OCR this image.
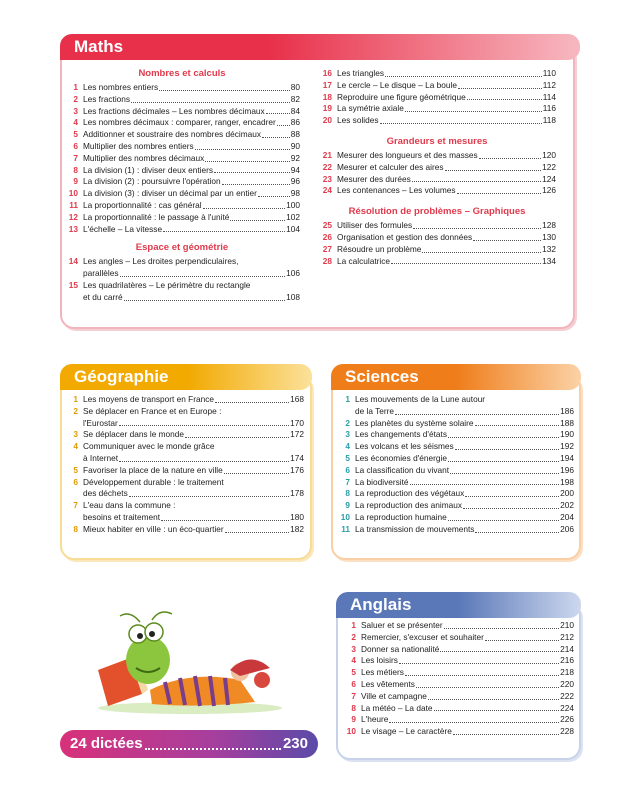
Maths
Nombres et calculs
1 Les nombres entiers	80
2 Les fractions	82
3 Les fractions décimales – Les nombres décimaux	84
4 Les nombres décimaux : comparer, ranger, encadrer 86
5 Additionner et soustraire des nombres décimaux	88
6 Multiplier des nombres entiers	90
7 Multiplier des nombres décimaux	92
8 La division (1) : diviser deux entiers	94
9 La division (2) : poursuivre l'opération	96
10 La division (3) : diviser un décimal par un entier	98
11 La proportionnalité : cas général	100
12 La proportionnalité : le passage à l'unité	102
13 L'échelle – La vitesse	104
Espace et géométrie
14 Les angles – Les droites perpendiculaires,
parallèles	106
15 Les quadrilatères – Le périmètre du rectangle
et du carré	108
16 Les triangles	110
17 Le cercle – Le disque – La boule	112
18 Reproduire une figure géométrique	114
19 La symétrie axiale	116
20 Les solides	118
Grandeurs et mesures
21 Mesurer des longueurs et des masses	120
22 Mesurer et calculer des aires	122
23 Mesurer des durées	124
24 Les contenances – Les volumes	126
Résolution de problèmes – Graphiques
25 Utiliser des formules	128
26 Organisation et gestion des données	130
27 Résoudre un problème	132
28 La calculatrice	134
Géographie
1 Les moyens de transport en France	168
2 Se déplacer en France et en Europe :
l'Eurostar	170
3 Se déplacer dans le monde	172
4 Communiquer avec le monde grâce
à Internet	174
5 Favoriser la place de la nature en ville	176
6 Développement durable : le traitement
des déchets	178
7 L'eau dans la commune :
besoins et traitement	180
8 Mieux habiter en ville : un éco-quartier	182
Sciences
1 Les mouvements de la Lune autour
de la Terre	186
2 Les planètes du système solaire	188
3 Les changements d'états	190
4 Les volcans et les séismes	192
5 Les économies d'énergie	194
6 La classification du vivant	196
7 La biodiversité	198
8 La reproduction des végétaux	200
9 La reproduction des animaux	202
10 La reproduction humaine	204
11 La transmission de mouvements	206
Anglais
1 Saluer et se présenter	210
2 Remercier, s'excuser et souhaiter	212
3 Donner sa nationalité	214
4 Les loisirs	216
5 Les métiers	218
6 Les vêtements	220
7 Ville et campagne	222
8 La météo – La date	224
9 L'heure	226
10 Le visage – Le caractère	228
24 dictées	230
